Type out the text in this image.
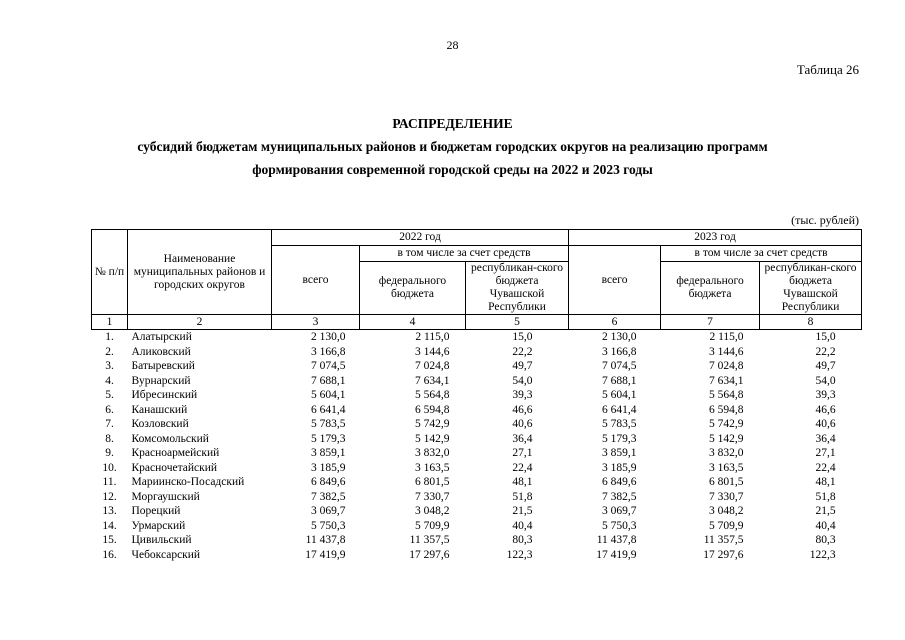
28
Таблица 26
РАСПРЕДЕЛЕНИЕ
субсидий бюджетам муниципальных районов и бюджетам городских округов на реализацию программ
формирования современной городской среды на 2022 и 2023 годы
(тыс. рублей)
№ п/п	Наименование муниципальных районов и городских округов	2022 год			2023 год		
		всего	в том числе за счет средств		всего	в том числе за счет средств	
			федерального бюджета	республикан-ского бюджета Чувашской Республики		федерального бюджета	республикан-ского бюджета Чувашской Республики
1	2	3	4	5	6	7	8
1.	Алатырский	2 130,0	2 115,0	15,0	2 130,0	2 115,0	15,0
2.	Аликовский	3 166,8	3 144,6	22,2	3 166,8	3 144,6	22,2
3.	Батыревский	7 074,5	7 024,8	49,7	7 074,5	7 024,8	49,7
4.	Вурнарский	7 688,1	7 634,1	54,0	7 688,1	7 634,1	54,0
5.	Ибресинский	5 604,1	5 564,8	39,3	5 604,1	5 564,8	39,3
6.	Канашский	6 641,4	6 594,8	46,6	6 641,4	6 594,8	46,6
7.	Козловский	5 783,5	5 742,9	40,6	5 783,5	5 742,9	40,6
8.	Комсомольский	5 179,3	5 142,9	36,4	5 179,3	5 142,9	36,4
9.	Красноармейский	3 859,1	3 832,0	27,1	3 859,1	3 832,0	27,1
10.	Красночетайский	3 185,9	3 163,5	22,4	3 185,9	3 163,5	22,4
11.	Мариинско-Посадский	6 849,6	6 801,5	48,1	6 849,6	6 801,5	48,1
12.	Моргаушский	7 382,5	7 330,7	51,8	7 382,5	7 330,7	51,8
13.	Порецкий	3 069,7	3 048,2	21,5	3 069,7	3 048,2	21,5
14.	Урмарский	5 750,3	5 709,9	40,4	5 750,3	5 709,9	40,4
15.	Цивильский	11 437,8	11 357,5	80,3	11 437,8	11 357,5	80,3
16.	Чебоксарский	17 419,9	17 297,6	122,3	17 419,9	17 297,6	122,3
